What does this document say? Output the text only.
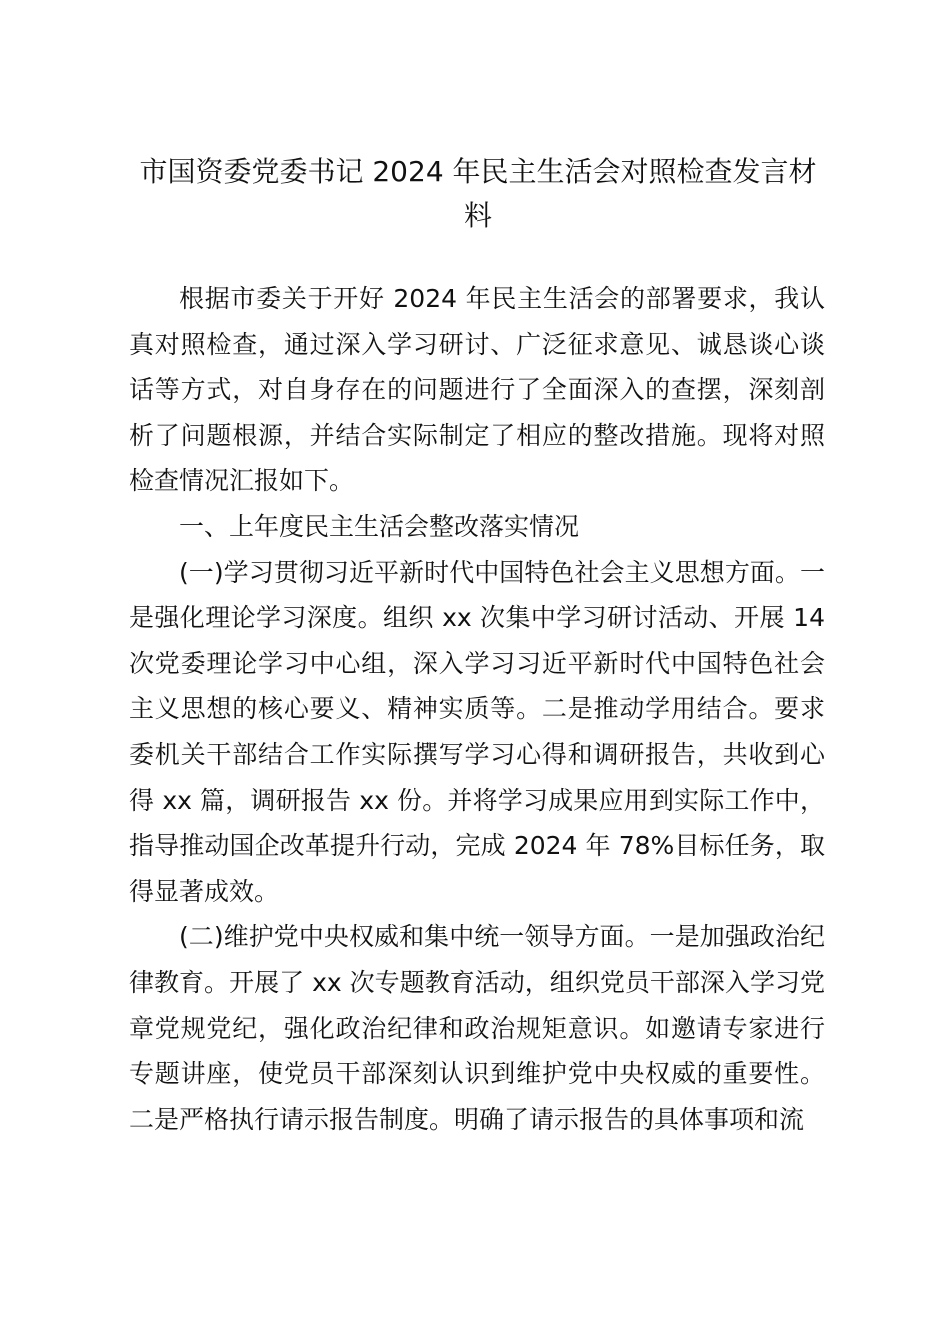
市国资委党委书记 2024 年民主生活会对照检查发言材料

根据市委关于开好 2024 年民主生活会的部署要求，我认真对照检查，通过深入学习研讨、广泛征求意见、诚恳谈心谈话等方式，对自身存在的问题进行了全面深入的查摆，深刻剖析了问题根源，并结合实际制定了相应的整改措施。现将对照检查情况汇报如下。

一、上年度民主生活会整改落实情况

(一)学习贯彻习近平新时代中国特色社会主义思想方面。一是强化理论学习深度。组织 xx 次集中学习研讨活动、开展 14 次党委理论学习中心组，深入学习习近平新时代中国特色社会主义思想的核心要义、精神实质等。二是推动学用结合。要求委机关干部结合工作实际撰写学习心得和调研报告，共收到心得 xx 篇，调研报告 xx 份。并将学习成果应用到实际工作中，指导推动国企改革提升行动，完成 2024 年 78%目标任务，取得显著成效。

(二)维护党中央权威和集中统一领导方面。一是加强政治纪律教育。开展了 xx 次专题教育活动，组织党员干部深入学习党章党规党纪，强化政治纪律和政治规矩意识。如邀请专家进行专题讲座，使党员干部深刻认识到维护党中央权威的重要性。二是严格执行请示报告制度。明确了请示报告的具体事项和流
